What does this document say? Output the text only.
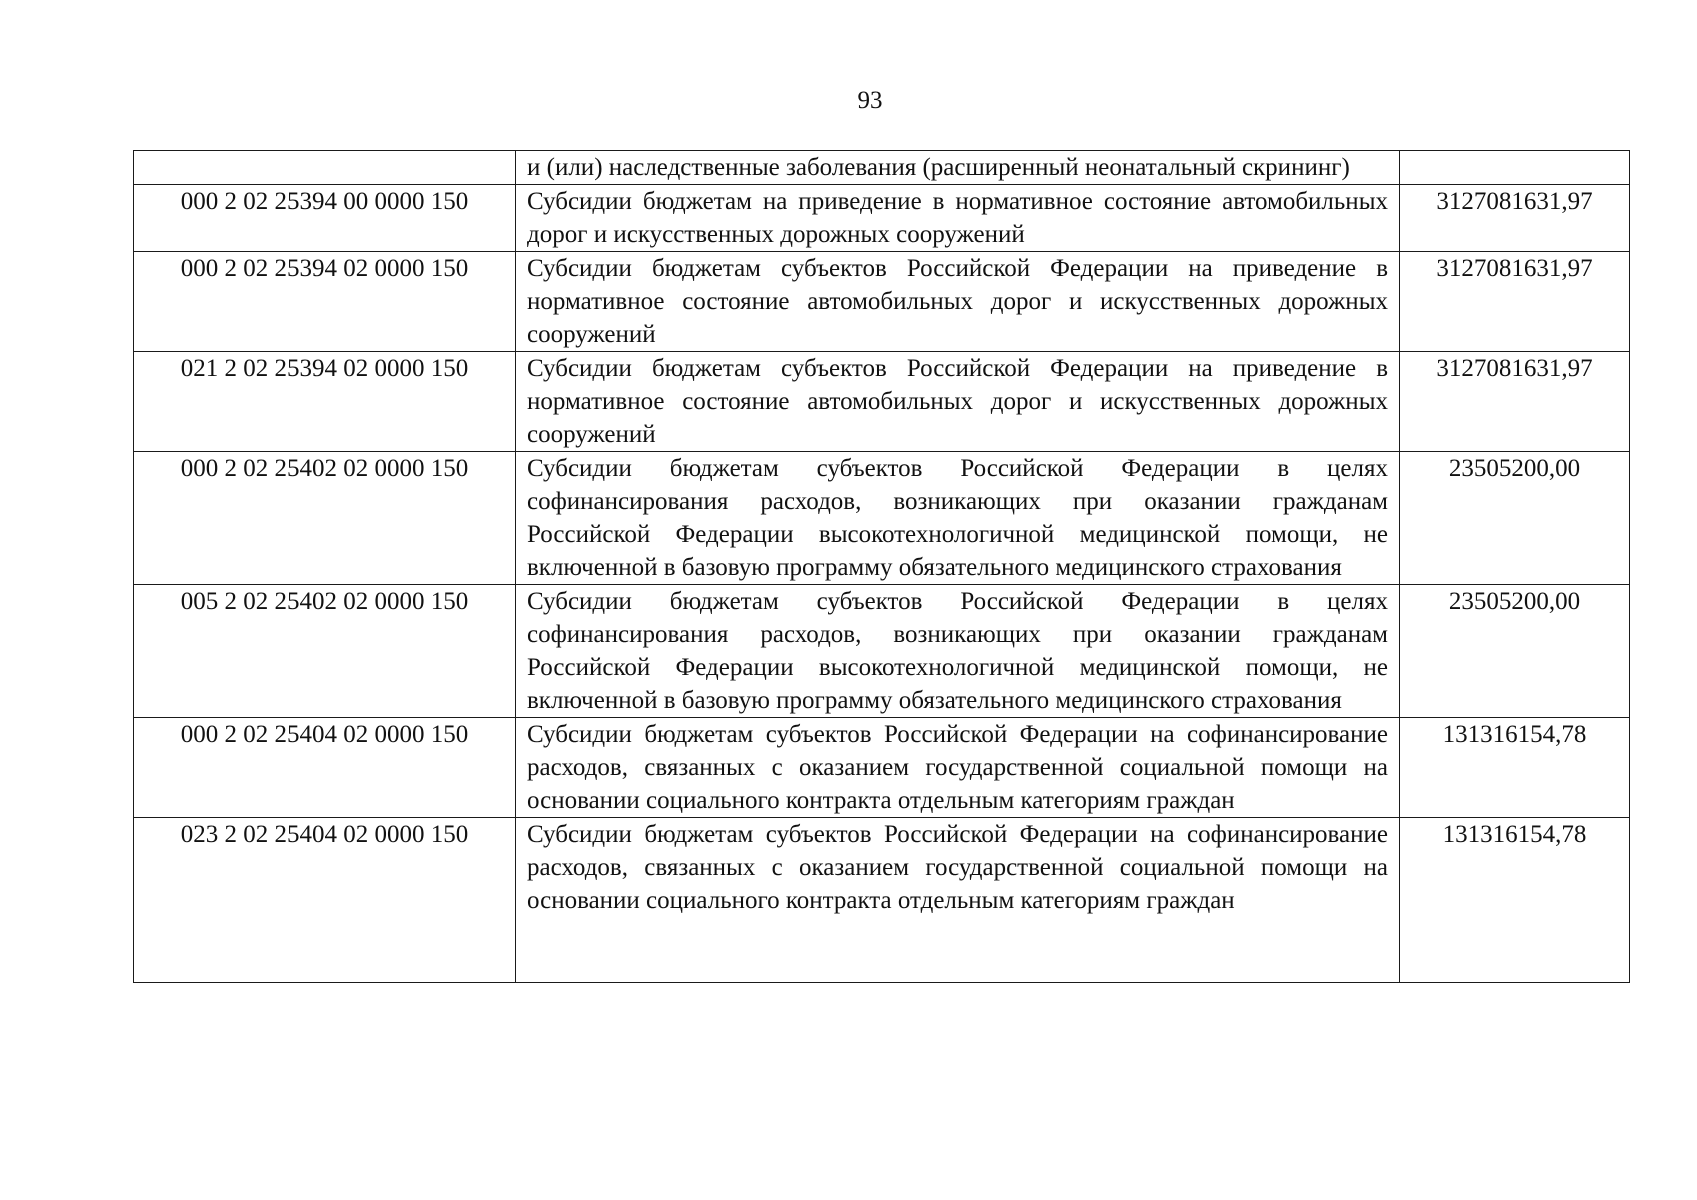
93
	и (или) наследственные заболевания (расширенный неонатальный скрининг)	
000 2 02 25394 00 0000 150	Субсидии бюджетам на приведение в нормативное состояние автомобильных дорог и искусственных дорожных сооружений	3127081631,97
000 2 02 25394 02 0000 150	Субсидии бюджетам субъектов Российской Федерации на приведение в нормативное состояние автомобильных дорог и искусственных дорожных сооружений	3127081631,97
021 2 02 25394 02 0000 150	Субсидии бюджетам субъектов Российской Федерации на приведение в нормативное состояние автомобильных дорог и искусственных дорожных сооружений	3127081631,97
000 2 02 25402 02 0000 150	Субсидии бюджетам субъектов Российской Федерации в целях софинансирования расходов, возникающих при оказании гражданам Российской Федерации высокотехнологичной медицинской помощи, не включенной в базовую программу обязательного медицинского страхования	23505200,00
005 2 02 25402 02 0000 150	Субсидии бюджетам субъектов Российской Федерации в целях софинансирования расходов, возникающих при оказании гражданам Российской Федерации высокотехнологичной медицинской помощи, не включенной в базовую программу обязательного медицинского страхования	23505200,00
000 2 02 25404 02 0000 150	Субсидии бюджетам субъектов Российской Федерации на софинансирование расходов, связанных с оказанием государственной социальной помощи на основании социального контракта отдельным категориям граждан	131316154,78
023 2 02 25404 02 0000 150	Субсидии бюджетам субъектов Российской Федерации на софинансирование расходов, связанных с оказанием государственной социальной помощи на основании социального контракта отдельным категориям граждан	131316154,78
